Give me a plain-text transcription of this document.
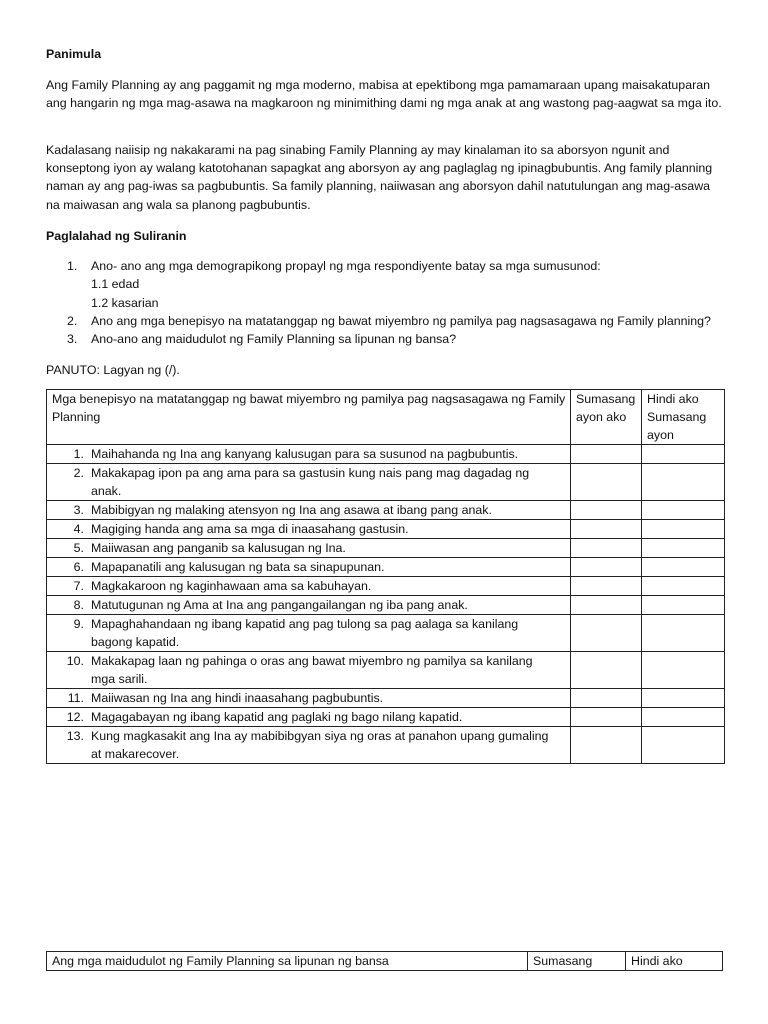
Panimula
Ang Family Planning ay ang paggamit ng mga moderno, mabisa at epektibong mga pamamaraan upang maisakatuparan ang hangarin ng mga mag-asawa na magkaroon ng minimithing dami ng mga anak at ang wastong pag-aagwat sa mga ito.
Kadalasang naiisip ng nakakarami na pag sinabing Family Planning ay may kinalaman ito sa aborsyon ngunit and konseptong iyon ay walang katotohanan sapagkat ang aborsyon ay ang paglaglag ng ipinagbubuntis. Ang family planning naman ay ang pag-iwas sa pagbubuntis. Sa family planning, naiiwasan ang aborsyon dahil natutulungan ang mag-asawa na maiwasan ang wala sa planong pagbubuntis.
Paglalahad ng Suliranin
1. Ano- ano ang mga demograpikong propayl ng mga respondiyente batay sa mga sumusunod:
1.1 edad
1.2 kasarian
2. Ano ang mga benepisyo na matatanggap ng bawat miyembro ng pamilya pag nagsasagawa ng Family planning?
3. Ano-ano ang maidudulot ng Family Planning sa lipunan ng bansa?
PANUTO: Lagyan ng (/).
Mga benepisyo na matatanggap ng bawat miyembro ng pamilya pag nagsasagawa ng Family Planning	Sumasang ayon ako	Hindi ako Sumasang ayon
1. Maihahanda ng Ina ang kanyang kalusugan para sa susunod na pagbubuntis.		
2. Makakapag ipon pa ang ama para sa gastusin kung nais pang mag dagadag ng anak.		
3. Mabibigyan ng malaking atensyon ng Ina ang asawa at ibang pang anak.		
4. Magiging handa ang ama sa mga di inaasahang gastusin.		
5. Maiiwasan ang panganib sa kalusugan ng Ina.		
6. Mapapanatili ang kalusugan ng bata sa sinapupunan.		
7. Magkakaroon ng kaginhawaan ama sa kabuhayan.		
8. Matutugunan ng Ama at Ina ang pangangailangan ng iba pang anak.		
9. Mapaghahandaan ng ibang kapatid ang pag tulong sa pag aalaga sa kanilang bagong kapatid.		
10. Makakapag laan ng pahinga o oras ang bawat miyembro ng pamilya sa kanilang mga sarili.		
11. Maiiwasan ng Ina ang hindi inaasahang pagbubuntis.		
12. Magagabayan ng ibang kapatid ang paglaki ng bago nilang kapatid.		
13. Kung magkasakit ang Ina ay mabibibgyan siya ng oras at panahon upang gumaling at makarecover.		
Ang mga maidudulot ng Family Planning sa lipunan ng bansa	Sumasang	Hindi ako
